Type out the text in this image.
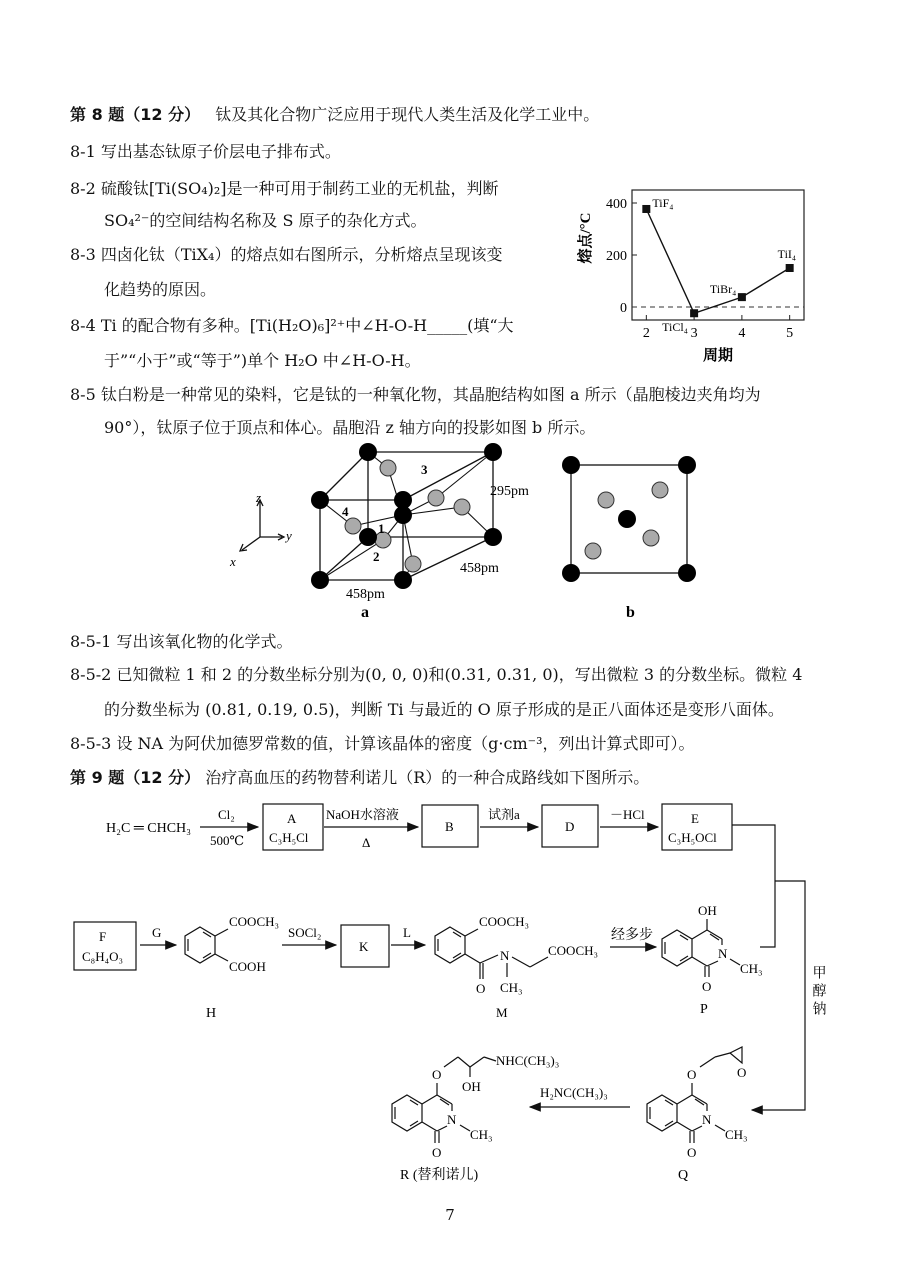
第 8 题（12 分） 钛及其化合物广泛应用于现代人类生活及化学工业中。
8-1 写出基态钛原子价层电子排布式。
8-2 硫酸钛[Ti(SO₄)₂]是一种可用于制药工业的无机盐，判断
SO₄²⁻的空间结构名称及 S 原子的杂化方式。
8-3 四卤化钛（TiX₄）的熔点如右图所示，分析熔点呈现该变
化趋势的原因。
8-4 Ti 的配合物有多种。[Ti(H₂O)₆]²⁺中∠H-O-H_____(填“大
于”“小于”或“等于”)单个 H₂O 中∠H-O-H。
8-5 钛白粉是一种常见的染料，它是钛的一种氧化物，其晶胞结构如图 a 所示（晶胞棱边夹角均为
90°），钛原子位于顶点和体心。晶胞沿 z 轴方向的投影如图 b 所示。
熔点/°C
400
200
0
2	3	4	5
TiF₄
TiCl₄
TiBr₄
TiI₄
周期
z
y
x
1
2
3
4
295pm
458pm
458pm
a	b
8-5-1 写出该氧化物的化学式。
8-5-2 已知微粒 1 和 2 的分数坐标分别为(0, 0, 0)和(0.31, 0.31, 0)，写出微粒 3 的分数坐标。微粒 4
的分数坐标为 (0.81, 0.19, 0.5)，判断 Ti 与最近的 O 原子形成的是正八面体还是变形八面体。
8-5-3 设 NA 为阿伏加德罗常数的值，计算该晶体的密度（g·cm⁻³，列出计算式即可）。
第 9 题（12 分） 治疗高血压的药物替利诺儿（R）的一种合成路线如下图所示。
H₂C ═ CHCH₃
Cl₂
500℃
A
C₃H₅Cl
NaOH水溶液
Δ
B
试剂a
D
－HCl	E
C₃H₅OCl
甲醇钠
F
C₈H₄O₃
G
COOCH₃
COOH
H
SOCl₂
K
L
COOCH₃
N	COOCH₃
O CH₃
M
经多步
OH
N
CH₃
O
P
O	O
N
CH₃
O
Q
H₂NC(CH₃)₃
O
OH
NHC(CH₃)₃
N
CH₃
O
R (替利诺儿)
7
